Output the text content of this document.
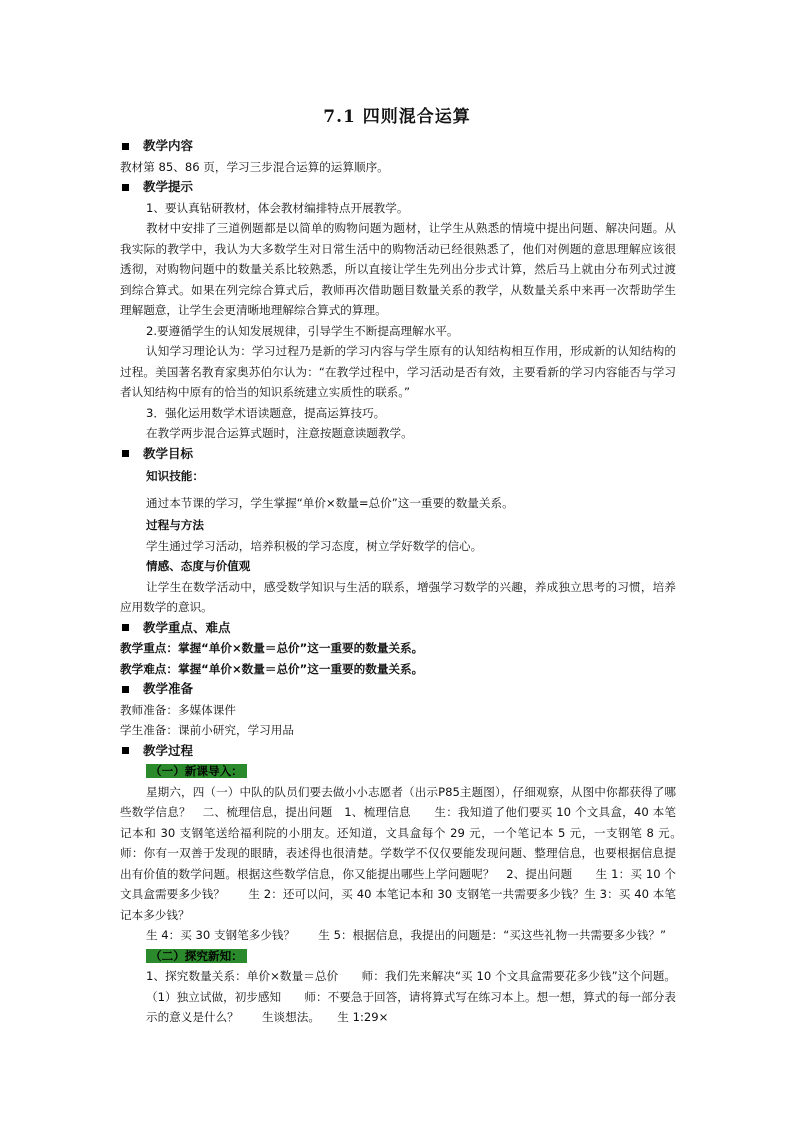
7.1 四则混合运算
教学内容
教材第 85、86 页，学习三步混合运算的运算顺序。
教学提示
1、要认真钻研教材，体会教材编排特点开展教学。
教材中安排了三道例题都是以简单的购物问题为题材，让学生从熟悉的情境中提出问题、解决问题。从我实际的教学中，我认为大多数学生对日常生活中的购物活动已经很熟悉了，他们对例题的意思理解应该很透彻，对购物问题中的数量关系比较熟悉，所以直接让学生先列出分步式计算，然后马上就由分布列式过渡到综合算式。如果在列完综合算式后，教师再次借助题目数量关系的教学，从数量关系中来再一次帮助学生理解题意，让学生会更清晰地理解综合算式的算理。
2.要遵循学生的认知发展规律，引导学生不断提高理解水平。
认知学习理论认为：学习过程乃是新的学习内容与学生原有的认知结构相互作用，形成新的认知结构的过程。美国著名教育家奥苏伯尔认为：“在教学过程中，学习活动是否有效，主要看新的学习内容能否与学习者认知结构中原有的恰当的知识系统建立实质性的联系。”
3．强化运用数学术语读题意，提高运算技巧。
在教学两步混合运算式题时，注意按题意读题教学。
教学目标
知识技能：
通过本节课的学习，学生掌握“单价×数量=总价”这一重要的数量关系。
过程与方法
学生通过学习活动，培养积极的学习态度，树立学好数学的信心。
情感、态度与价值观
让学生在数学活动中，感受数学知识与生活的联系，增强学习数学的兴趣，养成独立思考的习惯，培养应用数学的意识。
教学重点、难点
教学重点：掌握“单价×数量＝总价”这一重要的数量关系。
教学难点：掌握“单价×数量＝总价”这一重要的数量关系。
教学准备
教师准备：多媒体课件
学生准备：课前小研究，学习用品
教学过程
（一）新课导入：
星期六，四（一）中队的队员们要去做小小志愿者（出示P85主题图），仔细观察，从图中你都获得了哪些数学信息？　二、梳理信息，提出问题　1、梳理信息　　生：我知道了他们要买 10 个文具盒，40 本笔记本和 30 支钢笔送给福利院的小朋友。还知道，文具盒每个 29 元，一个笔记本 5 元，一支钢笔 8 元。　　师：你有一双善于发现的眼睛，表述得也很清楚。学数学不仅仅要能发现问题、整理信息，也要根据信息提出有价值的数学问题。根据这些数学信息，你又能提出哪些上学问题呢？　2、提出问题　　生 1：买 10 个文具盒需要多少钱？　　生 2：还可以问，买 40 本笔记本和 30 支钢笔一共需要多少钱？生 3：买 40 本笔记本多少钱？
生 4：买 30 支钢笔多少钱？　　生 5：根据信息，我提出的问题是：“买这些礼物一共需要多少钱？”
（二）探究新知：
1、探究数量关系：单价×数量＝总价　　师：我们先来解决“买 10 个文具盒需要花多少钱”这个问题。（1）独立试做，初步感知　　师：不要急于回答，请将算式写在练习本上。想一想，算式的每一部分表示的意义是什么？　　生谈想法。　　生 1:29×
